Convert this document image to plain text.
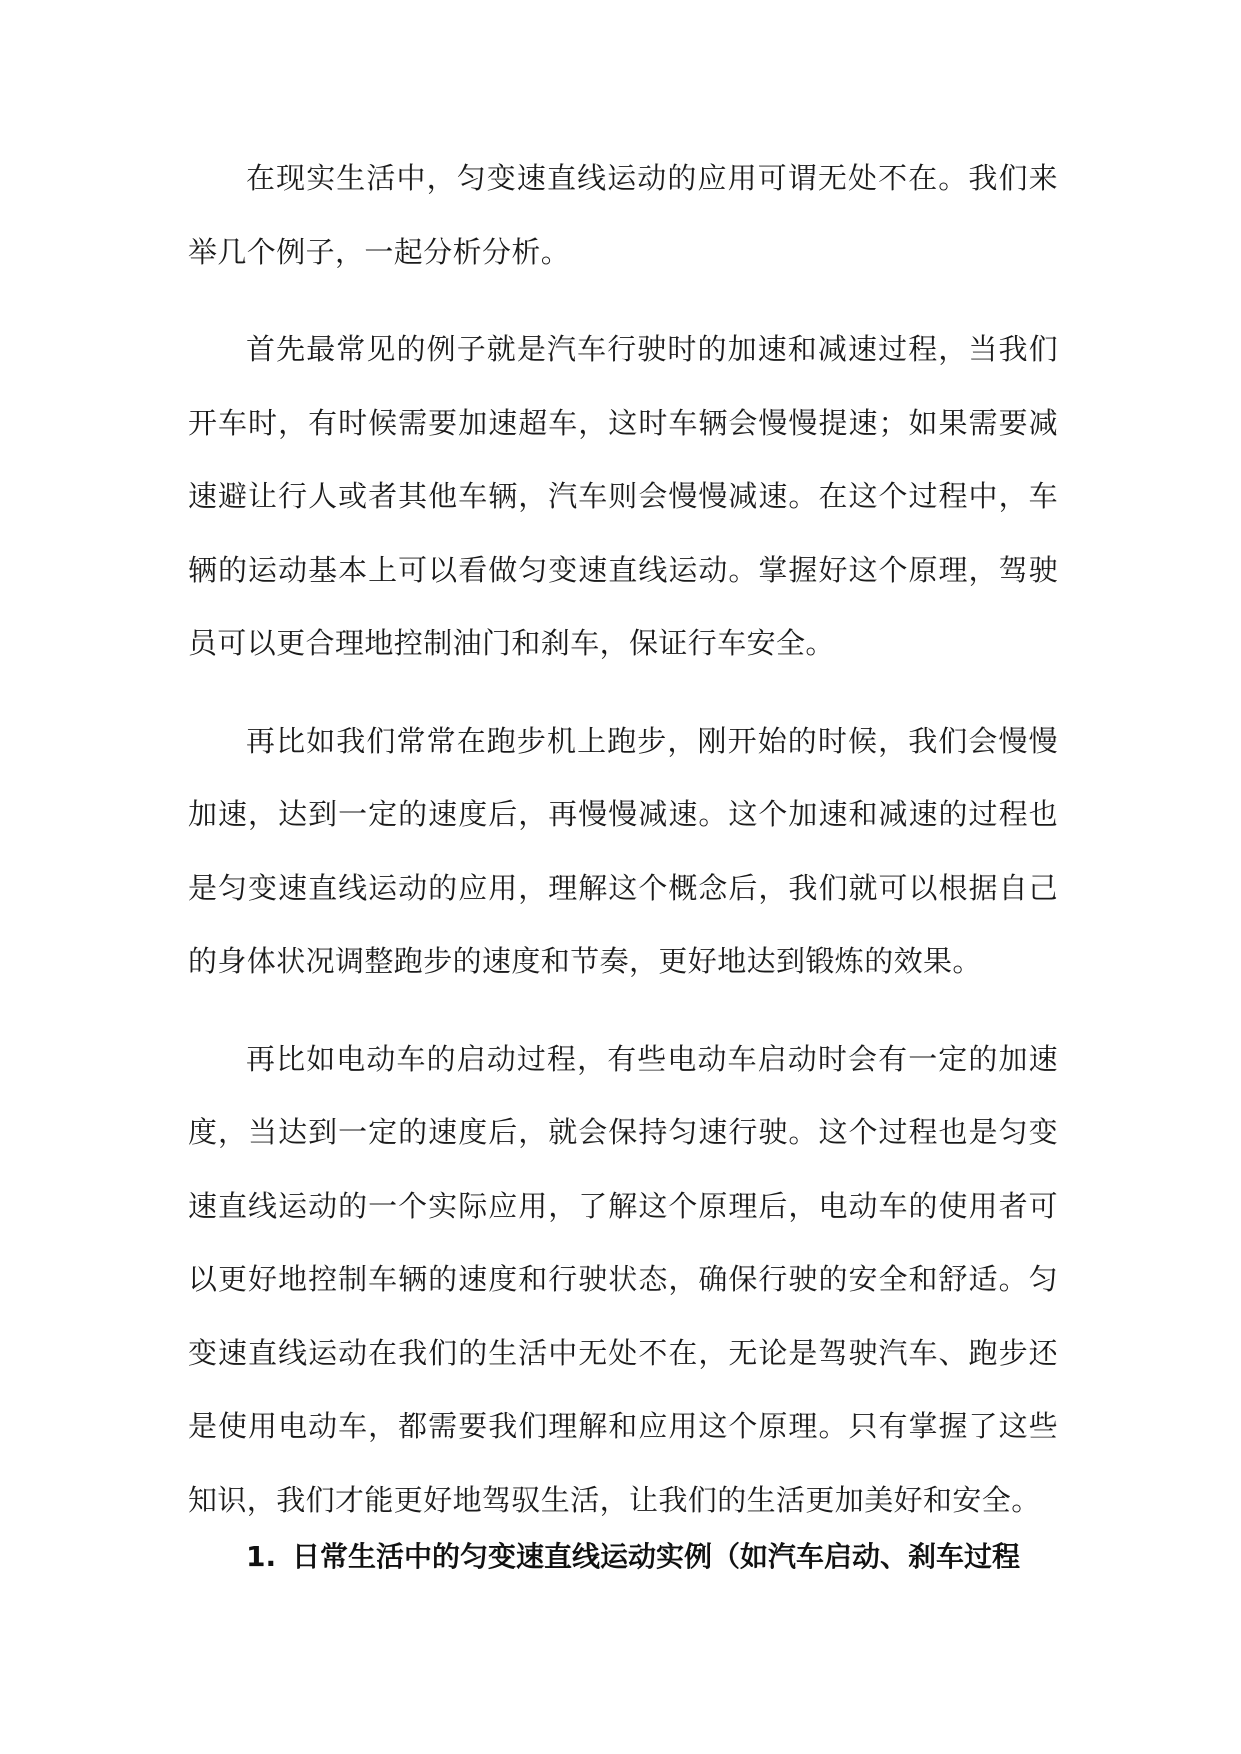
在现实生活中，匀变速直线运动的应用可谓无处不在。我们来举几个例子，一起分析分析。

首先最常见的例子就是汽车行驶时的加速和减速过程，当我们开车时，有时候需要加速超车，这时车辆会慢慢提速；如果需要减速避让行人或者其他车辆，汽车则会慢慢减速。在这个过程中，车辆的运动基本上可以看做匀变速直线运动。掌握好这个原理，驾驶员可以更合理地控制油门和刹车，保证行车安全。

再比如我们常常在跑步机上跑步，刚开始的时候，我们会慢慢加速，达到一定的速度后，再慢慢减速。这个加速和减速的过程也是匀变速直线运动的应用，理解这个概念后，我们就可以根据自己的身体状况调整跑步的速度和节奏，更好地达到锻炼的效果。

再比如电动车的启动过程，有些电动车启动时会有一定的加速度，当达到一定的速度后，就会保持匀速行驶。这个过程也是匀变速直线运动的一个实际应用，了解这个原理后，电动车的使用者可以更好地控制车辆的速度和行驶状态，确保行驶的安全和舒适。匀变速直线运动在我们的生活中无处不在，无论是驾驶汽车、跑步还是使用电动车，都需要我们理解和应用这个原理。只有掌握了这些知识，我们才能更好地驾驭生活，让我们的生活更加美好和安全。

1. 日常生活中的匀变速直线运动实例（如汽车启动、刹车过程
